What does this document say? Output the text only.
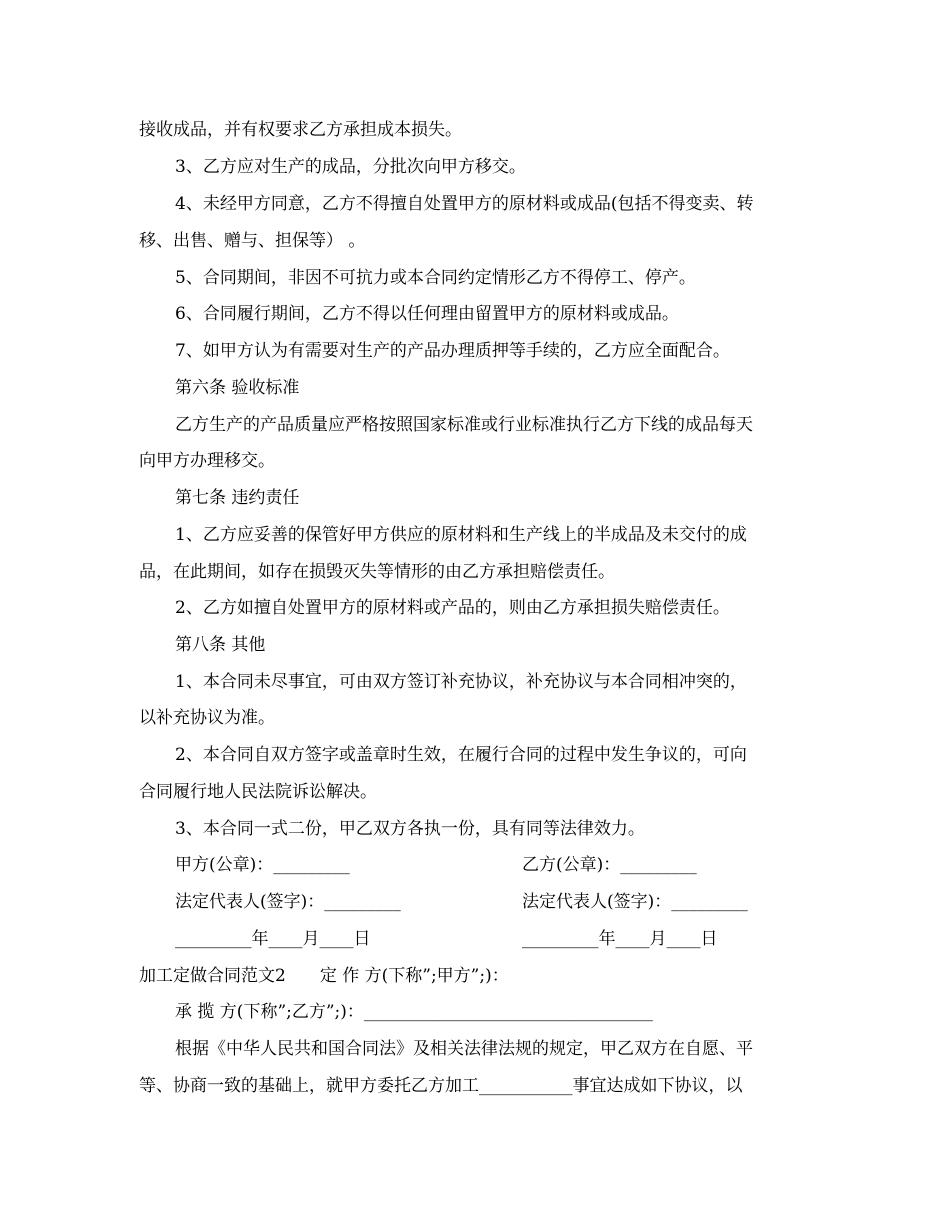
接收成品，并有权要求乙方承担成本损失。
3、乙方应对生产的成品，分批次向甲方移交。
4、未经甲方同意，乙方不得擅自处置甲方的原材料或成品(包括不得变卖、转
移、出售、赠与、担保等） 。
5、合同期间，非因不可抗力或本合同约定情形乙方不得停工、停产。
6、合同履行期间，乙方不得以任何理由留置甲方的原材料或成品。
7、如甲方认为有需要对生产的产品办理质押等手续的，乙方应全面配合。
第六条 验收标准
乙方生产的产品质量应严格按照国家标准或行业标准执行乙方下线的成品每天
向甲方办理移交。
第七条 违约责任
1、乙方应妥善的保管好甲方供应的原材料和生产线上的半成品及未交付的成
品，在此期间，如存在损毁灭失等情形的由乙方承担赔偿责任。
2、乙方如擅自处置甲方的原材料或产品的，则由乙方承担损失赔偿责任。
第八条 其他
1、本合同未尽事宜，可由双方签订补充协议，补充协议与本合同相冲突的，
以补充协议为准。
2、本合同自双方签字或盖章时生效，在履行合同的过程中发生争议的，可向
合同履行地人民法院诉讼解决。
3、本合同一式二份，甲乙双方各执一份，具有同等法律效力。
甲方(公章)：_________	乙方(公章)：_________
法定代表人(签字)：_________	法定代表人(签字)：_________
_________年____月____日	_________年____月____日
加工定做合同范文2　　定 作 方(下称”;甲方”;)：
承 揽 方(下称”;乙方”;)：__________________________________
根据《中华人民共和国合同法》及相关法律法规的规定，甲乙双方在自愿、平
等、协商一致的基础上，就甲方委托乙方加工___________事宜达成如下协议，以
